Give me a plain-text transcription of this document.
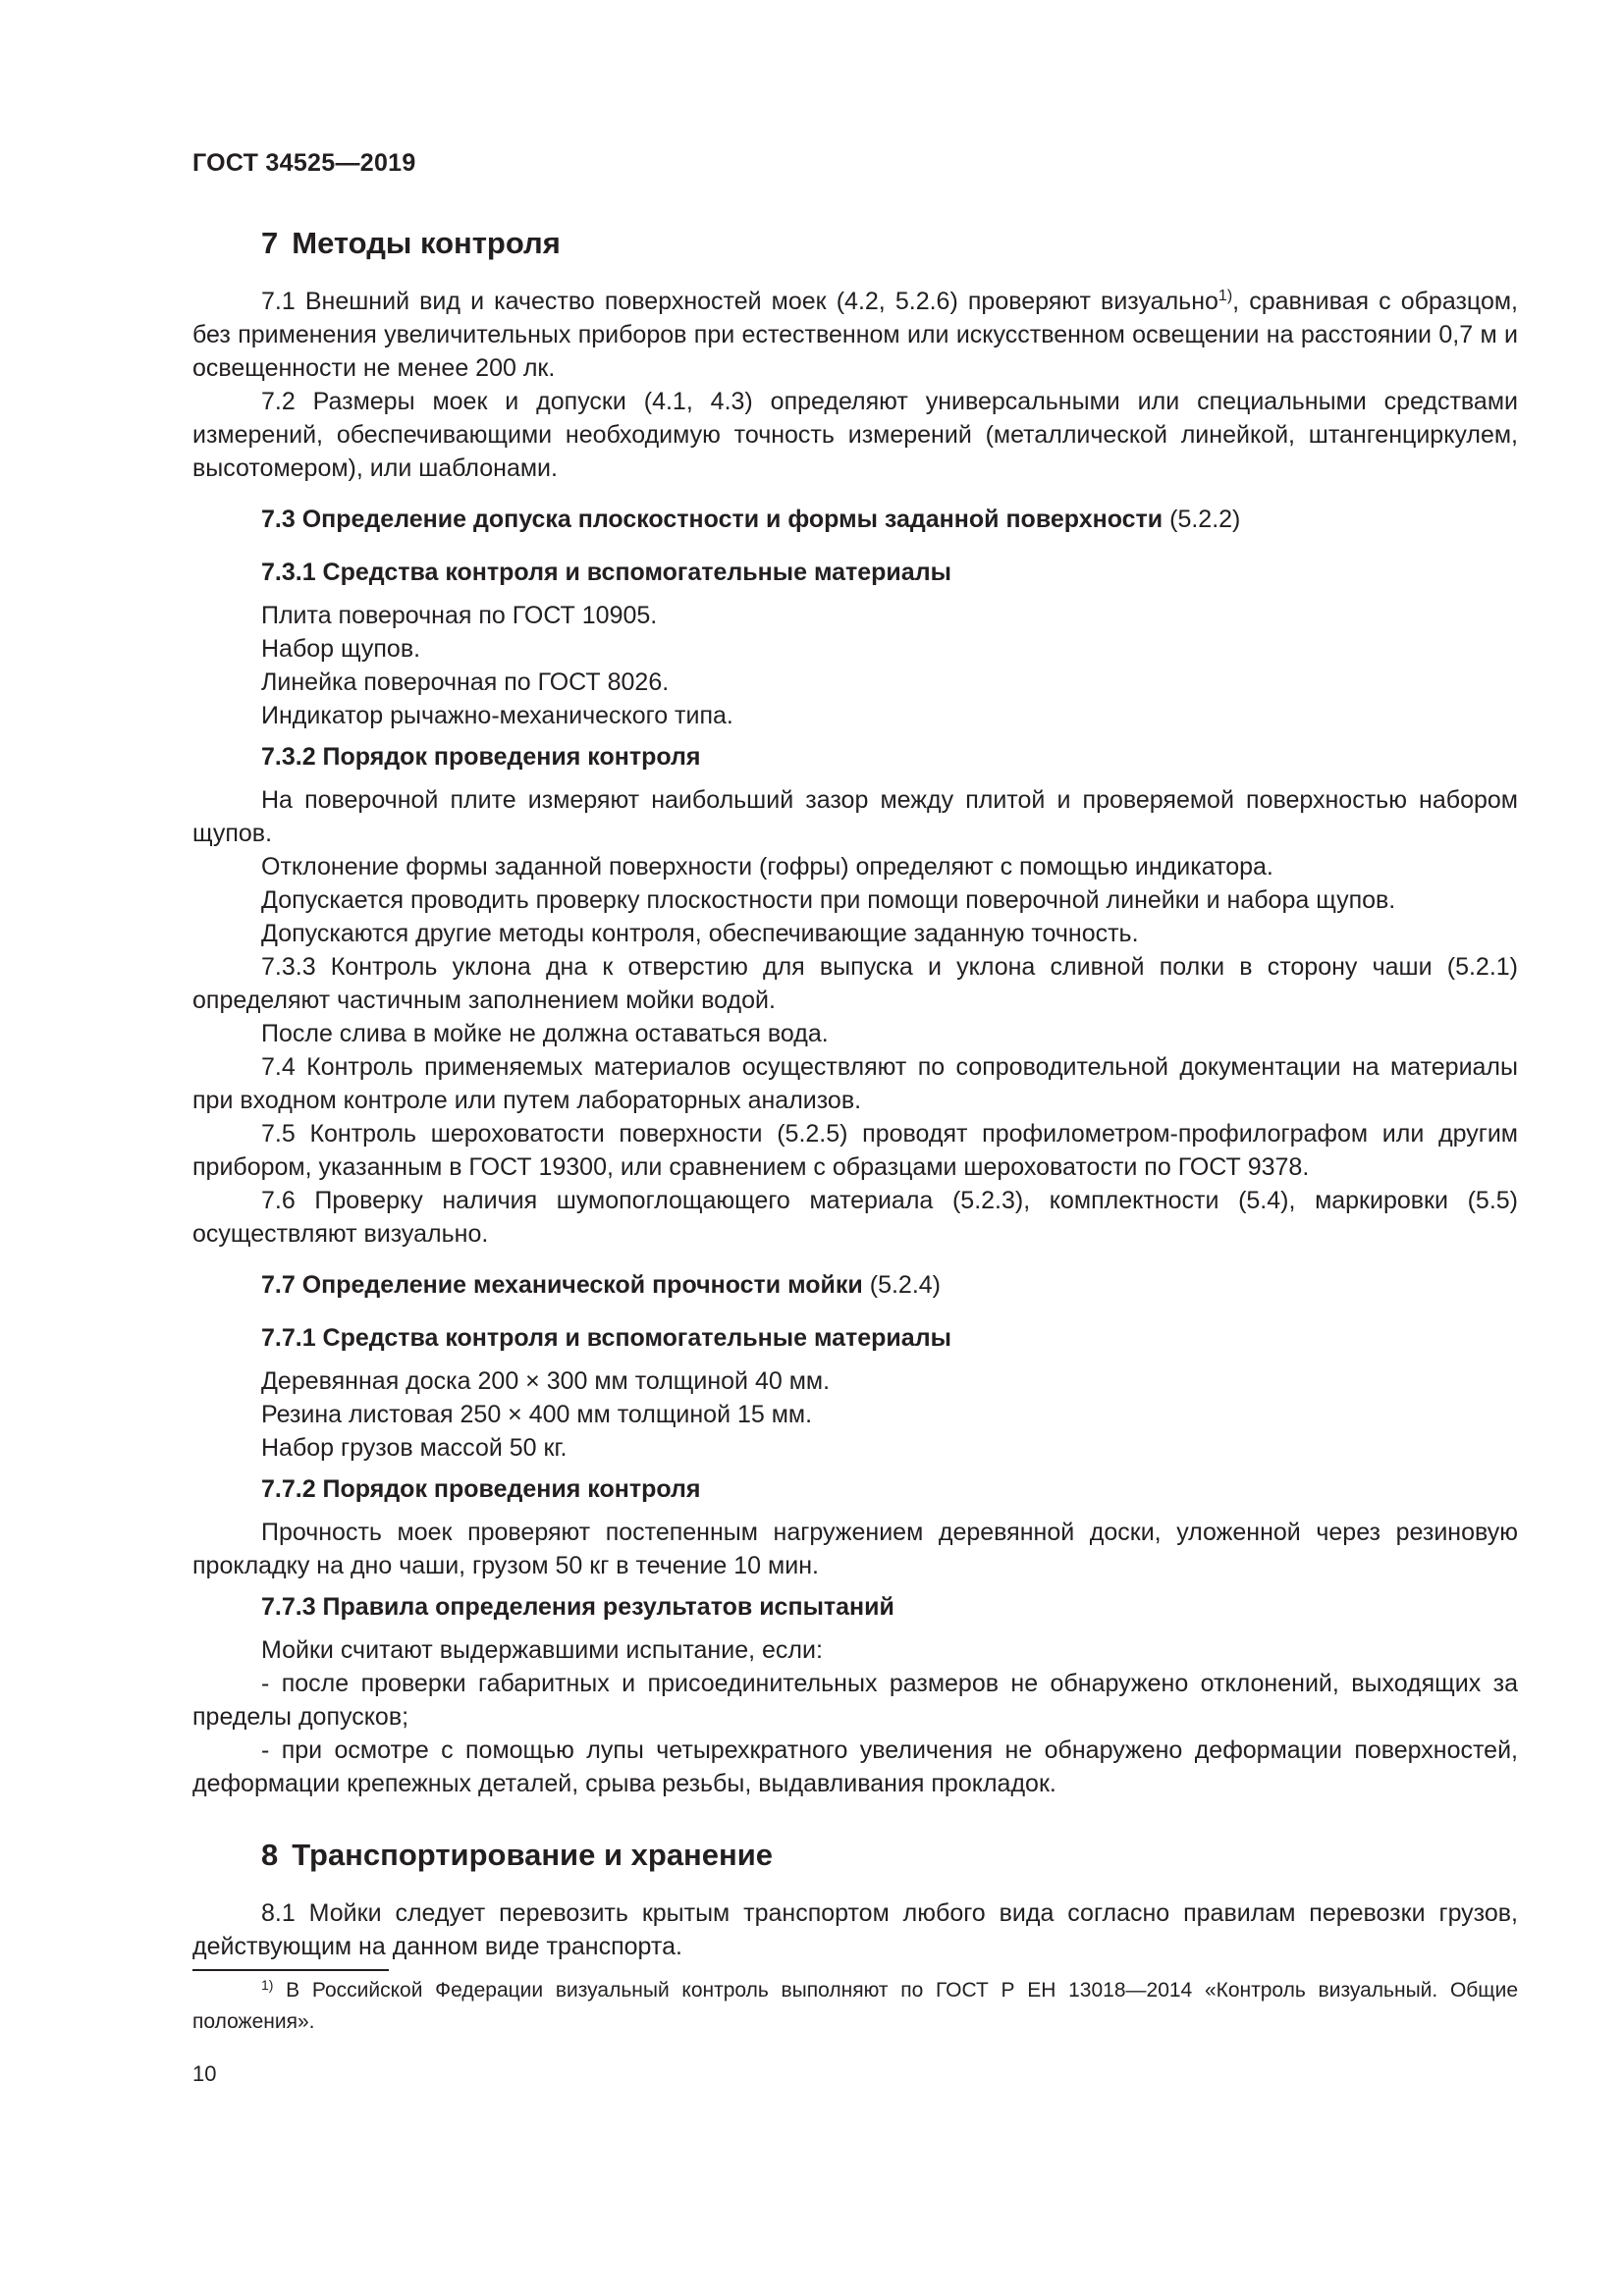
ГОСТ 34525—2019
7 Методы контроля

7.1 Внешний вид и качество поверхностей моек (4.2, 5.2.6) проверяют визуально$^{1)}$, сравнивая с образцом, без применения увеличительных приборов при естественном или искусственном освещении на расстоянии 0,7 м и освещенности не менее 200 лк.

7.2 Размеры моек и допуски (4.1, 4.3) определяют универсальными или специальными средствами измерений, обеспечивающими необходимую точность измерений (металлической линейкой, штангенциркулем, высотомером), или шаблонами.

7.3 Определение допуска плоскостности и формы заданной поверхности (5.2.2)
7.3.1 Средства контроля и вспомогательные материалы
Плита поверочная по ГОСТ 10905.
Набор щупов.
Линейка поверочная по ГОСТ 8026.
Индикатор рычажно-механического типа.
7.3.2 Порядок проведения контроля

На поверочной плите измеряют наибольший зазор между плитой и проверяемой поверхностью набором щупов.

Отклонение формы заданной поверхности (гофры) определяют с помощью индикатора.

Допускается проводить проверку плоскостности при помощи поверочной линейки и набора щупов.

Допускаются другие методы контроля, обеспечивающие заданную точность.

7.3.3 Контроль уклона дна к отверстию для выпуска и уклона сливной полки в сторону чаши (5.2.1) определяют частичным заполнением мойки водой.

После слива в мойке не должна оставаться вода.

7.4 Контроль применяемых материалов осуществляют по сопроводительной документации на материалы при входном контроле или путем лабораторных анализов.

7.5 Контроль шероховатости поверхности (5.2.5) проводят профилометром-профилографом или другим прибором, указанным в ГОСТ 19300, или сравнением с образцами шероховатости по ГОСТ 9378.

7.6 Проверку наличия шумопоглощающего материала (5.2.3), комплектности (5.4), маркировки (5.5) осуществляют визуально.

7.7 Определение механической прочности мойки (5.2.4)
7.7.1 Средства контроля и вспомогательные материалы
Деревянная доска 200 × 300 мм толщиной 40 мм.
Резина листовая 250 × 400 мм толщиной 15 мм.
Набор грузов массой 50 кг.
7.7.2 Порядок проведения контроля

Прочность моек проверяют постепенным нагружением деревянной доски, уложенной через резиновую прокладку на дно чаши, грузом 50 кг в течение 10 мин.

7.7.3 Правила определения результатов испытаний

Мойки считают выдержавшими испытание, если:

- после проверки габаритных и присоединительных размеров не обнаружено отклонений, выходящих за пределы допусков;

- при осмотре с помощью лупы четырехкратного увеличения не обнаружено деформации поверхностей, деформации крепежных деталей, срыва резьбы, выдавливания прокладок.

8 Транспортирование и хранение

8.1 Мойки следует перевозить крытым транспортом любого вида согласно правилам перевозки грузов, действующим на данном виде транспорта.

$^{1)}$ В Российской Федерации визуальный контроль выполняют по ГОСТ Р ЕН 13018—2014 «Контроль визуальный. Общие положения».
10
